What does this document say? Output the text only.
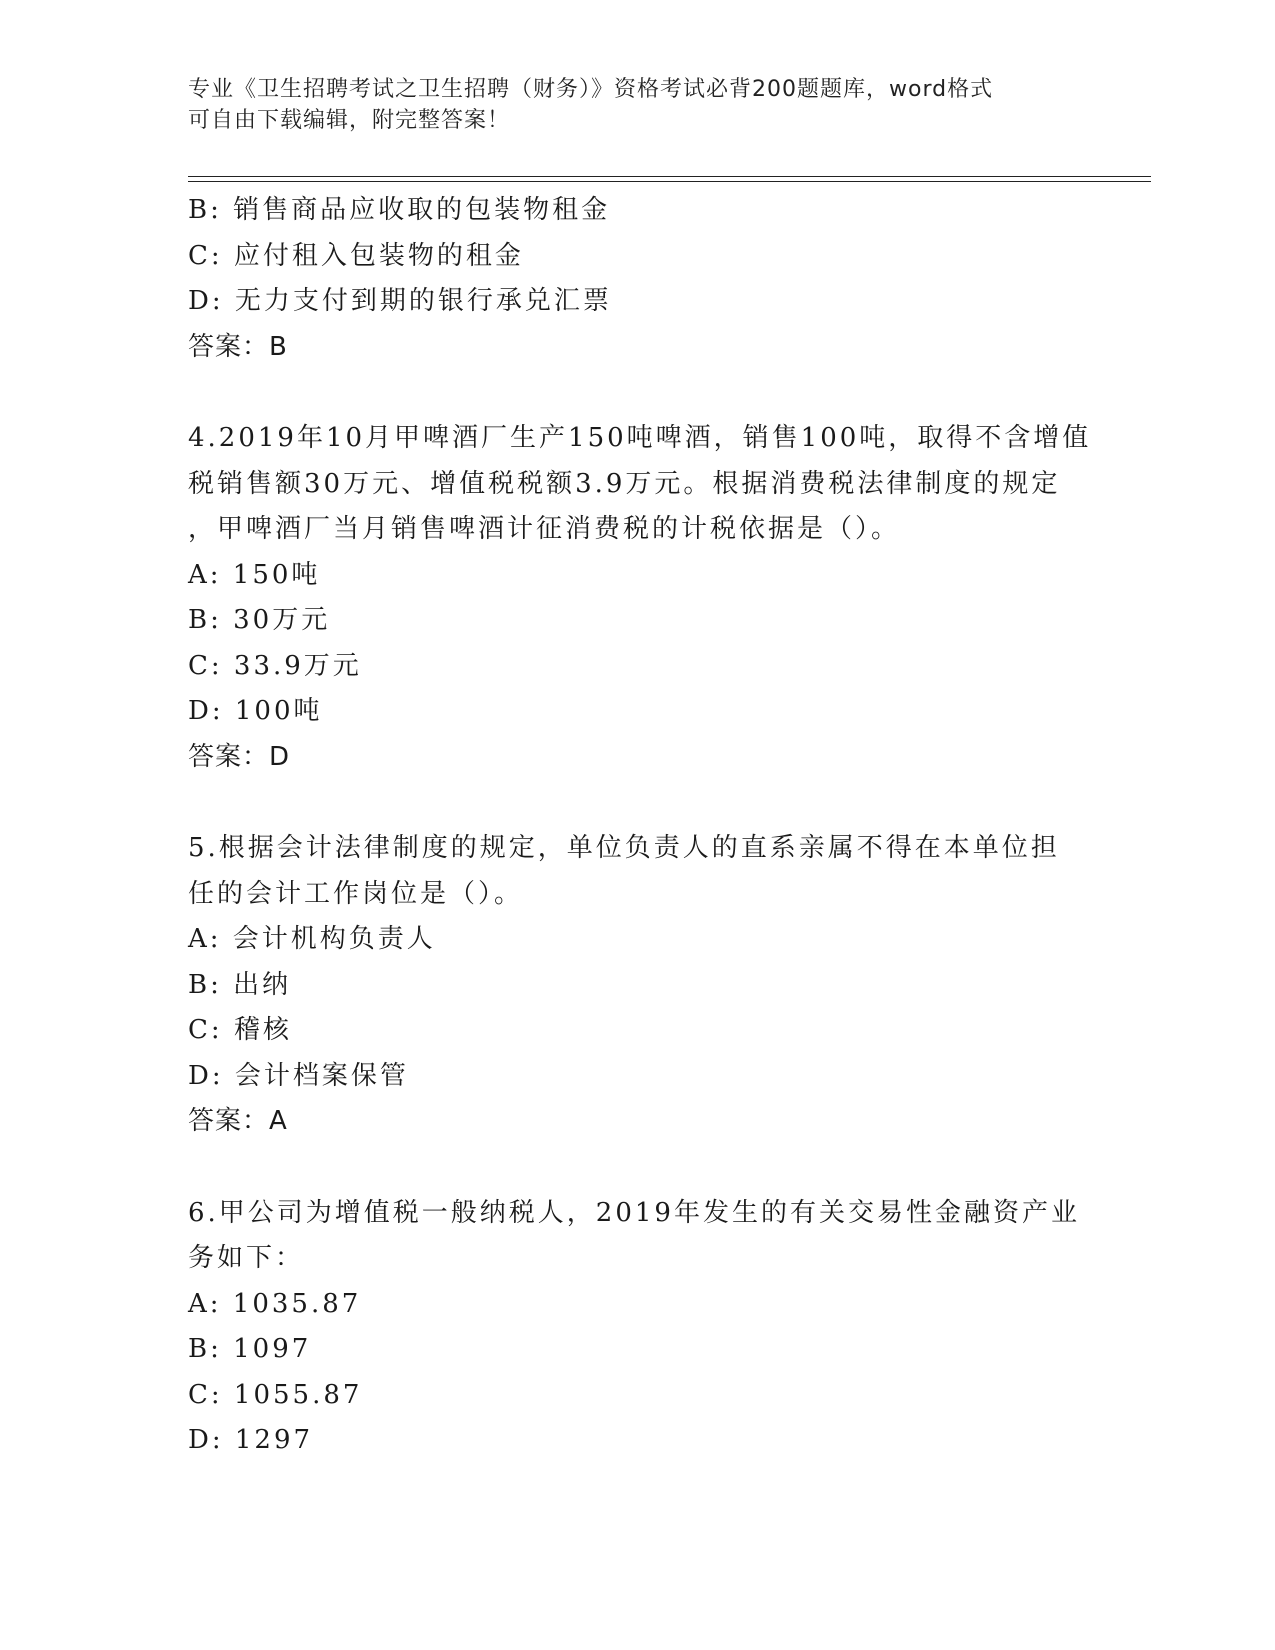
专业《卫生招聘考试之卫生招聘（财务）》资格考试必背200题题库，word格式
可自由下载编辑，附完整答案！
B: 销售商品应收取的包装物租金
C: 应付租入包装物的租金
D: 无力支付到期的银行承兑汇票
答案：B
4.2019年10月甲啤酒厂生产150吨啤酒，销售100吨，取得不含增值
税销售额30万元、增值税税额3.9万元。根据消费税法律制度的规定
，甲啤酒厂当月销售啤酒计征消费税的计税依据是（）。
A: 150吨
B: 30万元
C: 33.9万元
D: 100吨
答案：D
5.根据会计法律制度的规定，单位负责人的直系亲属不得在本单位担
任的会计工作岗位是（）。
A: 会计机构负责人
B: 出纳
C: 稽核
D: 会计档案保管
答案：A
6.甲公司为增值税一般纳税人，2019年发生的有关交易性金融资产业
务如下：
A: 1035.87
B: 1097
C: 1055.87
D: 1297
